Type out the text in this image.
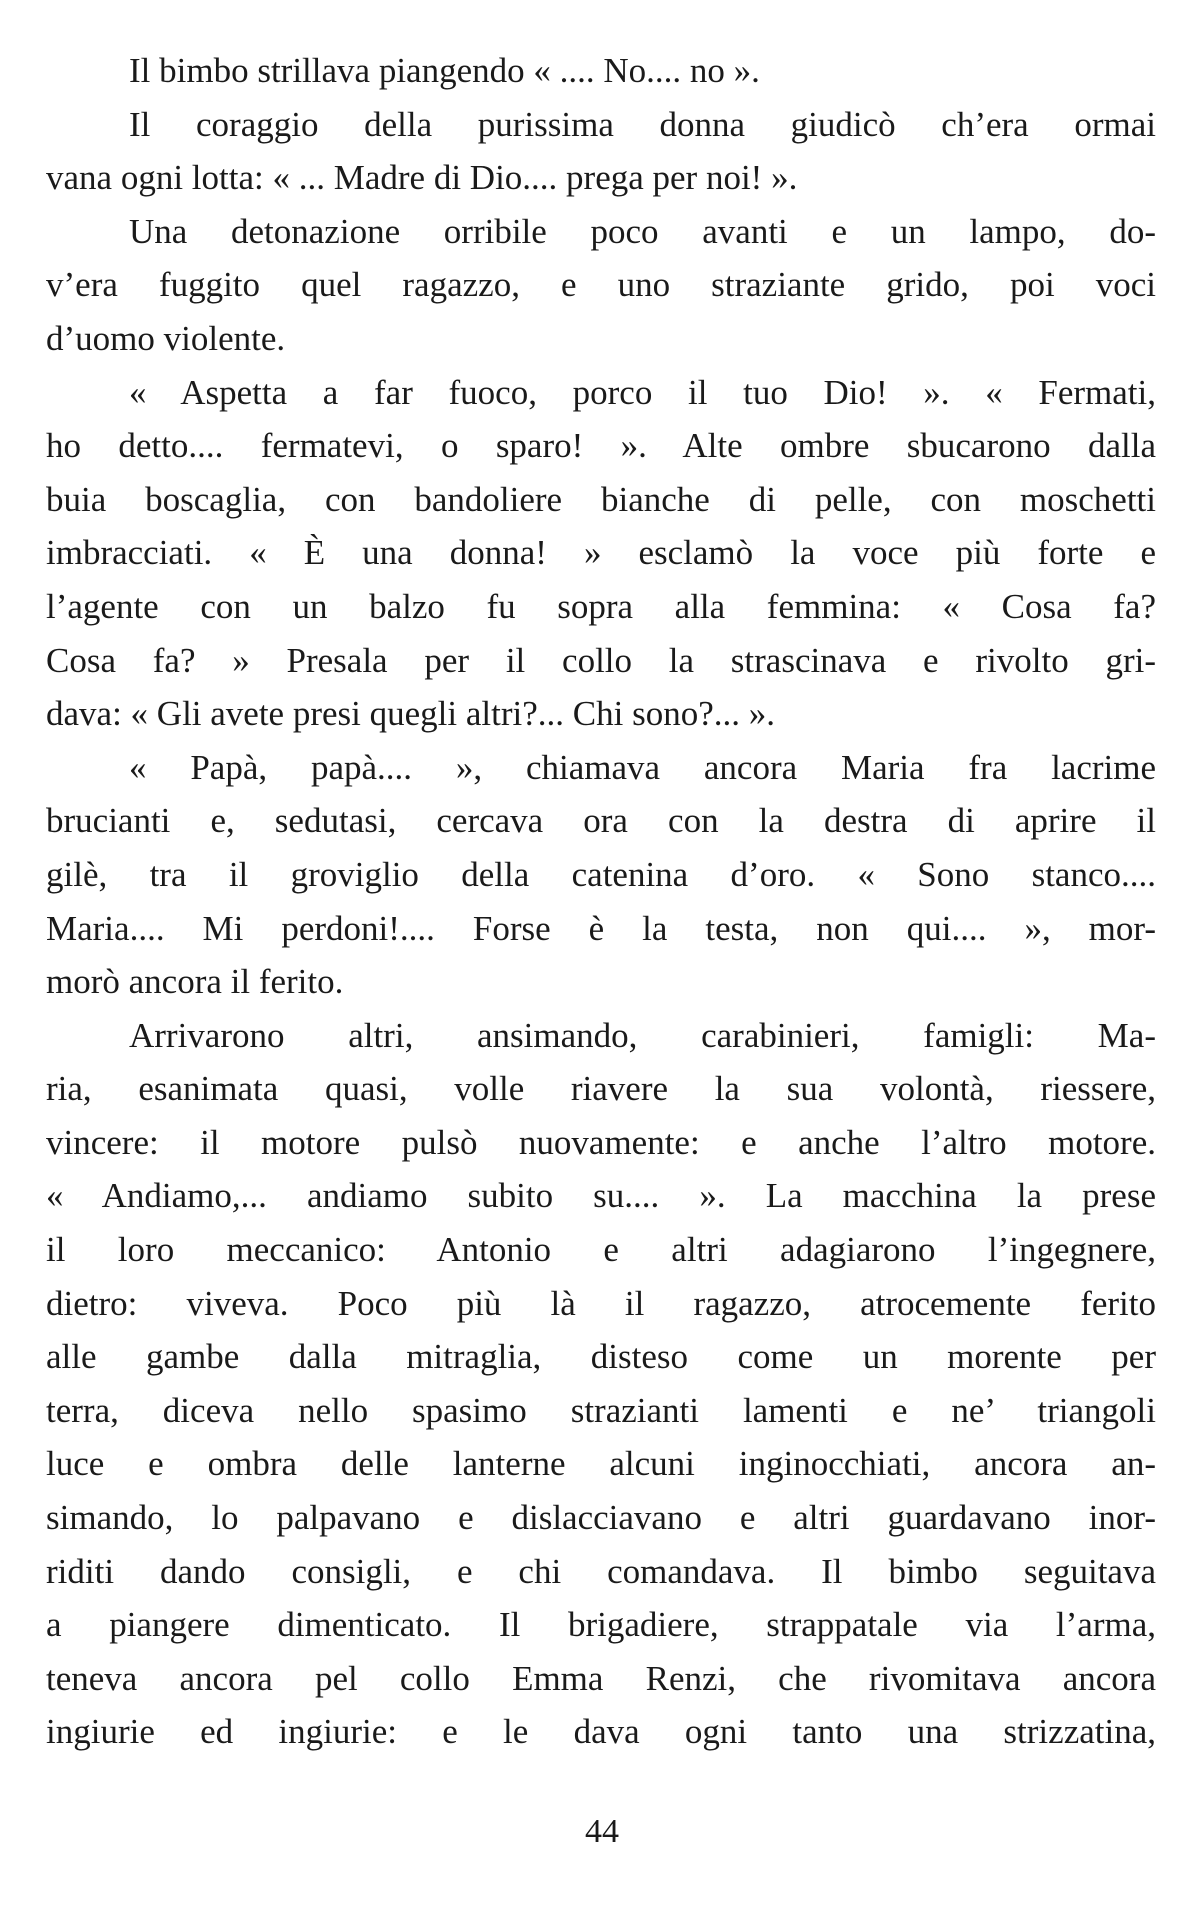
Il bimbo strillava piangendo « .... No.... no ».
Il coraggio della purissima donna giudicò ch’era ormai
vana ogni lotta: « ... Madre di Dio.... prega per noi! ».
Una detonazione orribile poco avanti e un lampo, do-
v’era fuggito quel ragazzo, e uno straziante grido, poi voci
d’uomo violente.
« Aspetta a far fuoco, porco il tuo Dio! ». « Fermati,
ho detto.... fermatevi, o sparo! ». Alte ombre sbucarono dalla
buia boscaglia, con bandoliere bianche di pelle, con moschetti
imbracciati. « È una donna! » esclamò la voce più forte e
l’agente con un balzo fu sopra alla femmina: « Cosa fa?
Cosa fa? » Presala per il collo la strascinava e rivolto gri-
dava: « Gli avete presi quegli altri?... Chi sono?... ».
« Papà, papà.... », chiamava ancora Maria fra lacrime
brucianti e, sedutasi, cercava ora con la destra di aprire il
gilè, tra il groviglio della catenina d’oro. « Sono stanco....
Maria.... Mi perdoni!.... Forse è la testa, non qui.... », mor-
morò ancora il ferito.
Arrivarono altri, ansimando, carabinieri, famigli: Ma-
ria, esanimata quasi, volle riavere la sua volontà, riessere,
vincere: il motore pulsò nuovamente: e anche l’altro motore.
« Andiamo,... andiamo subito su.... ». La macchina la prese
il loro meccanico: Antonio e altri adagiarono l’ingegnere,
dietro: viveva. Poco più là il ragazzo, atrocemente ferito
alle gambe dalla mitraglia, disteso come un morente per
terra, diceva nello spasimo strazianti lamenti e ne’ triangoli
luce e ombra delle lanterne alcuni inginocchiati, ancora an-
simando, lo palpavano e dislacciavano e altri guardavano inor-
riditi dando consigli, e chi comandava. Il bimbo seguitava
a piangere dimenticato. Il brigadiere, strappatale via l’arma,
teneva ancora pel collo Emma Renzi, che rivomitava ancora
ingiurie ed ingiurie: e le dava ogni tanto una strizzatina,
44
